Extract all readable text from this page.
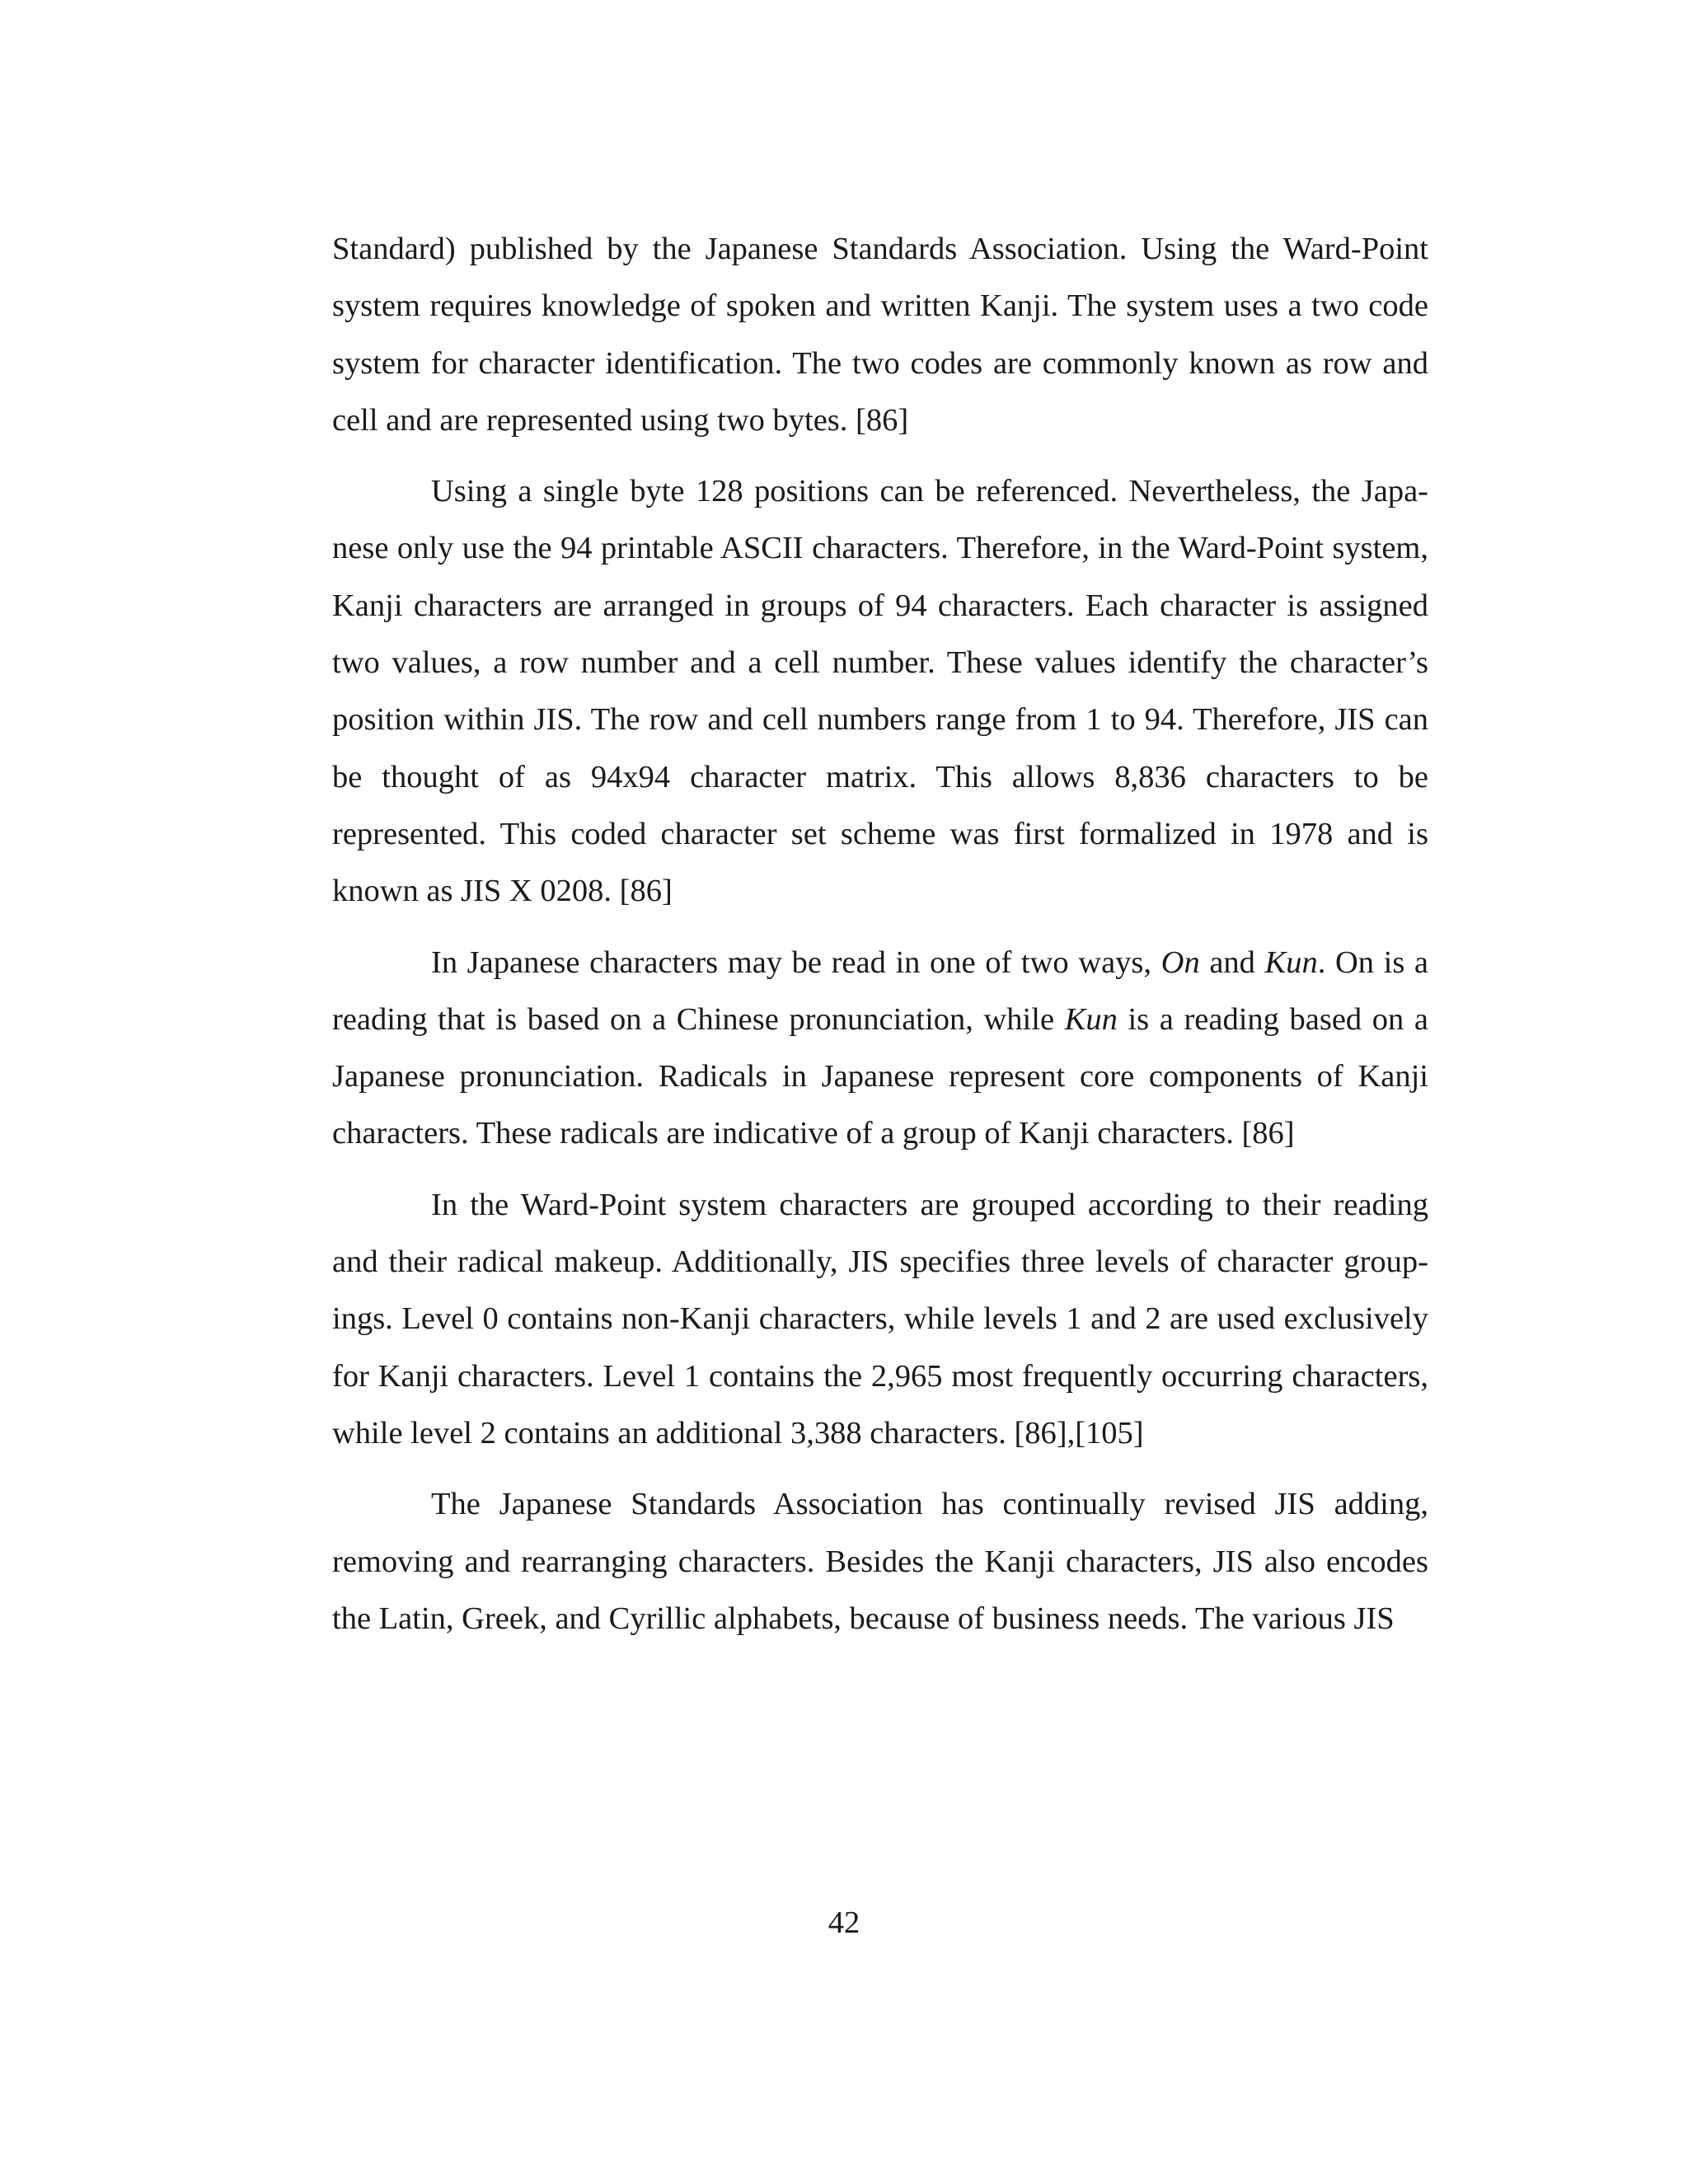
Standard) published by the Japanese Standards Association. Using the Ward-Point system requires knowledge of spoken and written Kanji. The system uses a two code system for character identification. The two codes are commonly known as row and cell and are represented using two bytes. [86]

Using a single byte 128 positions can be referenced. Nevertheless, the Japanese only use the 94 printable ASCII characters. Therefore, in the Ward-Point system, Kanji characters are arranged in groups of 94 characters. Each character is assigned two values, a row number and a cell number. These values identify the character’s position within JIS. The row and cell numbers range from 1 to 94. Therefore, JIS can be thought of as 94x94 character matrix. This allows 8,836 characters to be represented. This coded character set scheme was first formalized in 1978 and is known as JIS X 0208. [86]

In Japanese characters may be read in one of two ways, On and Kun. On is a reading that is based on a Chinese pronunciation, while Kun is a reading based on a Japanese pronunciation. Radicals in Japanese represent core components of Kanji characters. These radicals are indicative of a group of Kanji characters. [86]

In the Ward-Point system characters are grouped according to their reading and their radical makeup. Additionally, JIS specifies three levels of character groupings. Level 0 contains non-Kanji characters, while levels 1 and 2 are used exclusively for Kanji characters. Level 1 contains the 2,965 most frequently occurring characters, while level 2 contains an additional 3,388 characters. [86],[105]

The Japanese Standards Association has continually revised JIS adding, removing and rearranging characters. Besides the Kanji characters, JIS also encodes the Latin, Greek, and Cyrillic alphabets, because of business needs. The various JIS

42
